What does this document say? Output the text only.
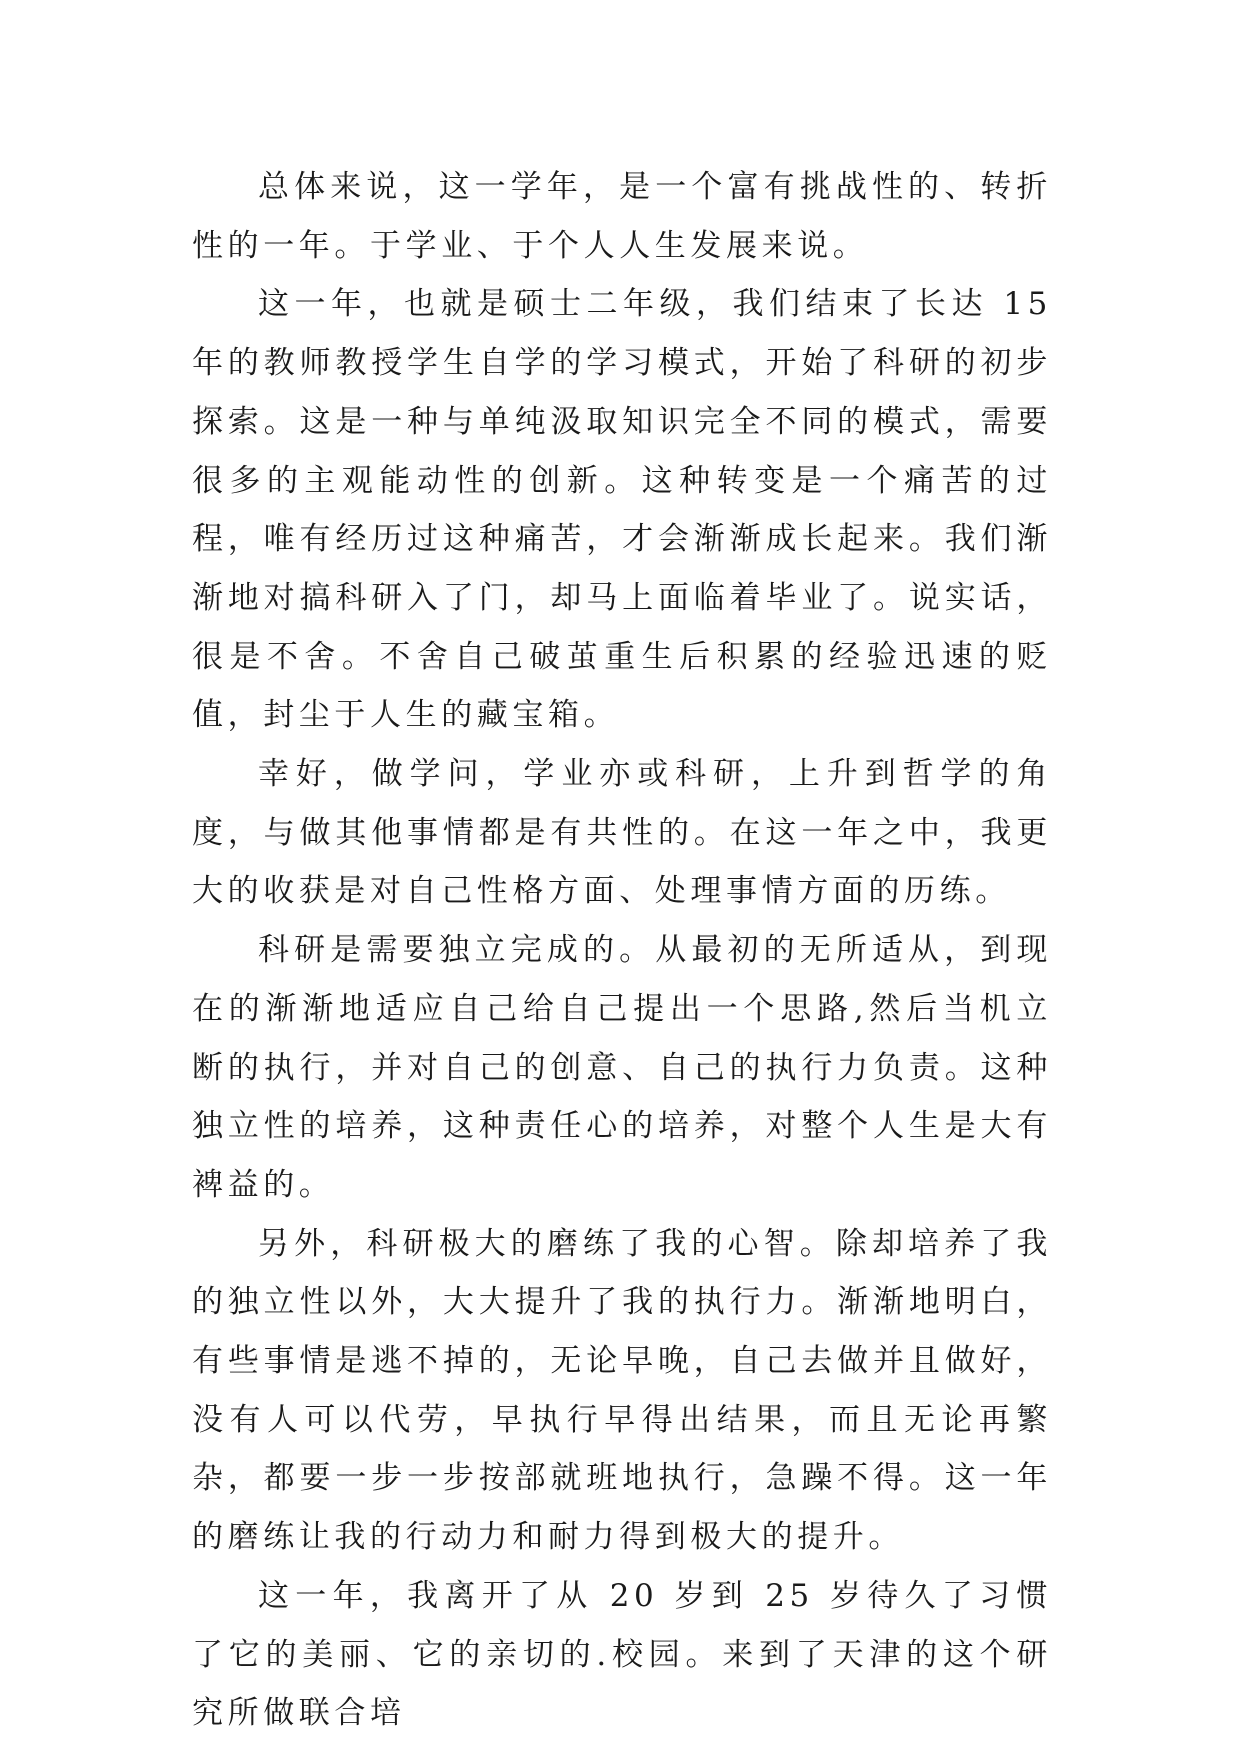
总体来说，这一学年，是一个富有挑战性的、转折性的一年。于学业、于个人人生发展来说。

这一年，也就是硕士二年级，我们结束了长达 15 年的教师教授学生自学的学习模式，开始了科研的初步探索。这是一种与单纯汲取知识完全不同的模式，需要很多的主观能动性的创新。这种转变是一个痛苦的过程，唯有经历过这种痛苦，才会渐渐成长起来。我们渐渐地对搞科研入了门，却马上面临着毕业了。说实话，很是不舍。不舍自己破茧重生后积累的经验迅速的贬值，封尘于人生的藏宝箱。

幸好，做学问，学业亦或科研，上升到哲学的角度，与做其他事情都是有共性的。在这一年之中，我更大的收获是对自己性格方面、处理事情方面的历练。

科研是需要独立完成的。从最初的无所适从，到现在的渐渐地适应自己给自己提出一个思路,然后当机立断的执行，并对自己的创意、自己的执行力负责。这种独立性的培养，这种责任心的培养，对整个人生是大有裨益的。

另外，科研极大的磨练了我的心智。除却培养了我的独立性以外，大大提升了我的执行力。渐渐地明白，有些事情是逃不掉的，无论早晚，自己去做并且做好，没有人可以代劳，早执行早得出结果，而且无论再繁杂，都要一步一步按部就班地执行，急躁不得。这一年的磨练让我的行动力和耐力得到极大的提升。

这一年，我离开了从 20 岁到 25 岁待久了习惯了它的美丽、它的亲切的.校园。来到了天津的这个研究所做联合培
